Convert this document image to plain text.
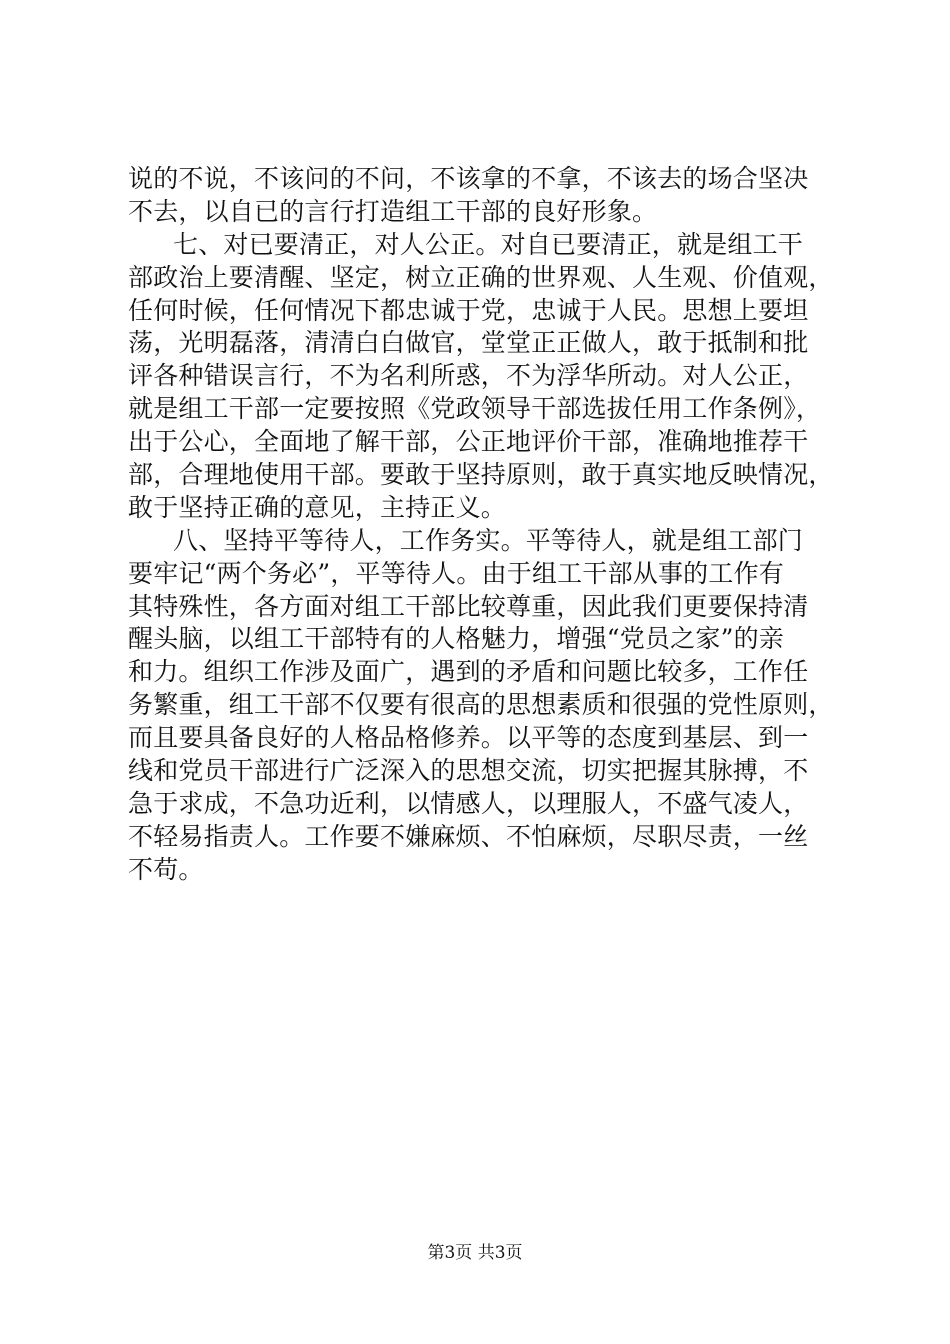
说的不说，不该问的不问，不该拿的不拿，不该去的场合坚决
不去，以自已的言行打造组工干部的良好形象。
七、对已要清正，对人公正。对自已要清正，就是组工干
部政治上要清醒、坚定，树立正确的世界观、人生观、价值观，
任何时候，任何情况下都忠诚于党，忠诚于人民。思想上要坦
荡，光明磊落，清清白白做官，堂堂正正做人，敢于抵制和批
评各种错误言行，不为名利所惑，不为浮华所动。对人公正，
就是组工干部一定要按照《党政领导干部选拔任用工作条例》，
出于公心，全面地了解干部，公正地评价干部，准确地推荐干
部，合理地使用干部。要敢于坚持原则，敢于真实地反映情况，
敢于坚持正确的意见，主持正义。
八、坚持平等待人，工作务实。平等待人，就是组工部门
要牢记“两个务必”，平等待人。由于组工干部从事的工作有
其特殊性，各方面对组工干部比较尊重，因此我们更要保持清
醒头脑，以组工干部特有的人格魅力，增强“党员之家”的亲
和力。组织工作涉及面广，遇到的矛盾和问题比较多，工作任
务繁重，组工干部不仅要有很高的思想素质和很强的党性原则，
而且要具备良好的人格品格修养。以平等的态度到基层、到一
线和党员干部进行广泛深入的思想交流，切实把握其脉搏，不
急于求成，不急功近利，以情感人，以理服人，不盛气凌人，
不轻易指责人。工作要不嫌麻烦、不怕麻烦，尽职尽责，一丝
不苟。
第3页 共3页
